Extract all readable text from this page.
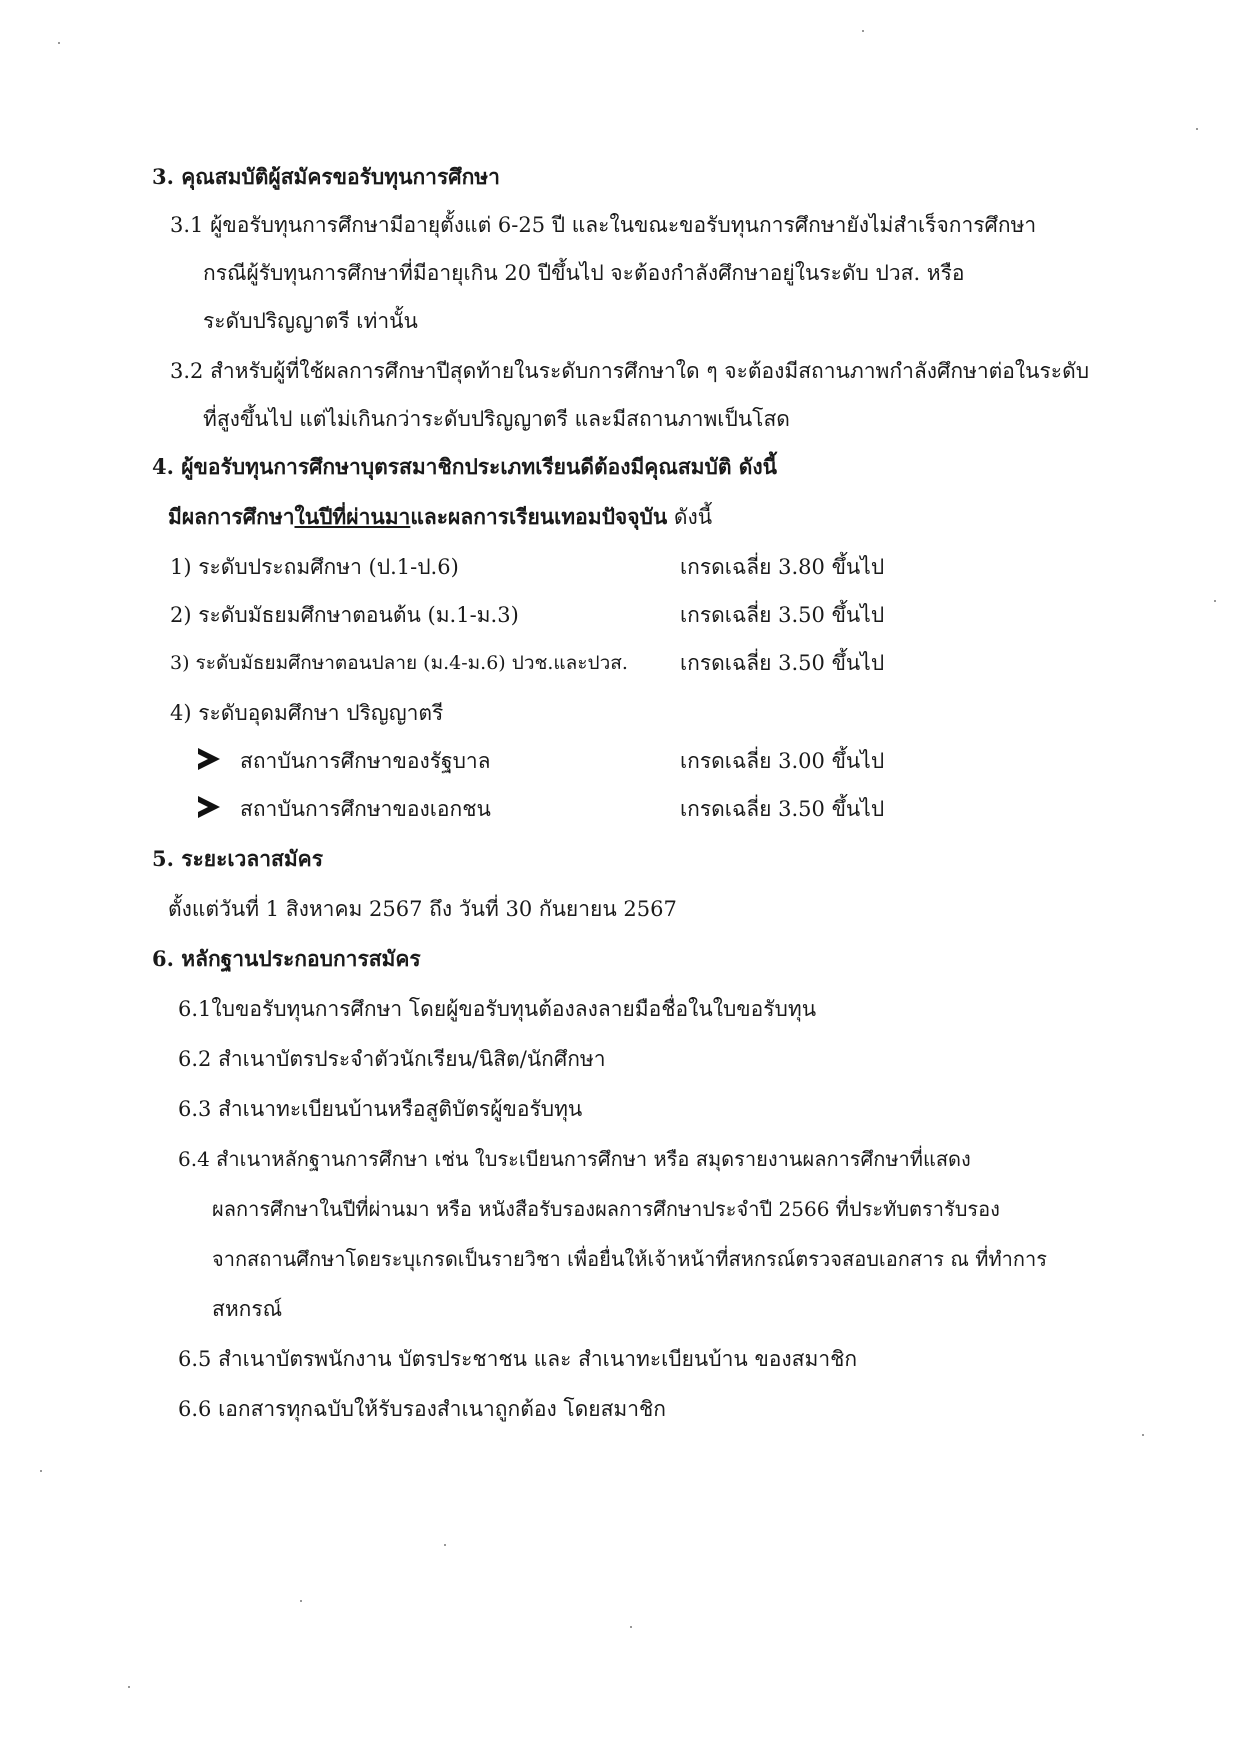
3. คุณสมบัติผู้สมัครขอรับทุนการศึกษา
3.1 ผู้ขอรับทุนการศึกษามีอายุตั้งแต่ 6-25 ปี และในขณะขอรับทุนการศึกษายังไม่สำเร็จการศึกษา
กรณีผู้รับทุนการศึกษาที่มีอายุเกิน 20 ปีขึ้นไป จะต้องกำลังศึกษาอยู่ในระดับ ปวส. หรือ
ระดับปริญญาตรี เท่านั้น
3.2 สำหรับผู้ที่ใช้ผลการศึกษาปีสุดท้ายในระดับการศึกษาใด ๆ จะต้องมีสถานภาพกำลังศึกษาต่อในระดับ
ที่สูงขึ้นไป แต่ไม่เกินกว่าระดับปริญญาตรี และมีสถานภาพเป็นโสด
4. ผู้ขอรับทุนการศึกษาบุตรสมาชิกประเภทเรียนดีต้องมีคุณสมบัติ ดังนี้
มีผลการศึกษาในปีที่ผ่านมาและผลการเรียนเทอมปัจจุบัน ดังนี้
1) ระดับประถมศึกษา (ป.1-ป.6)	เกรดเฉลี่ย 3.80 ขึ้นไป
2) ระดับมัธยมศึกษาตอนต้น (ม.1-ม.3)	เกรดเฉลี่ย 3.50 ขึ้นไป
3) ระดับมัธยมศึกษาตอนปลาย (ม.4-ม.6) ปวช.และปวส. เกรดเฉลี่ย 3.50 ขึ้นไป
4) ระดับอุดมศึกษา ปริญญาตรี
สถาบันการศึกษาของรัฐบาล	เกรดเฉลี่ย 3.00 ขึ้นไป
สถาบันการศึกษาของเอกชน	เกรดเฉลี่ย 3.50 ขึ้นไป
5. ระยะเวลาสมัคร
ตั้งแต่วันที่ 1 สิงหาคม 2567 ถึง วันที่ 30 กันยายน 2567
6. หลักฐานประกอบการสมัคร
6.1ใบขอรับทุนการศึกษา โดยผู้ขอรับทุนต้องลงลายมือชื่อในใบขอรับทุน
6.2 สำเนาบัตรประจำตัวนักเรียน/นิสิต/นักศึกษา
6.3 สำเนาทะเบียนบ้านหรือสูติบัตรผู้ขอรับทุน
6.4 สำเนาหลักฐานการศึกษา เช่น ใบระเบียนการศึกษา หรือ สมุดรายงานผลการศึกษาที่แสดง
ผลการศึกษาในปีที่ผ่านมา หรือ หนังสือรับรองผลการศึกษาประจำปี 2566 ที่ประทับตรารับรอง
จากสถานศึกษาโดยระบุเกรดเป็นรายวิชา เพื่อยื่นให้เจ้าหน้าที่สหกรณ์ตรวจสอบเอกสาร ณ ที่ทำการ
สหกรณ์
6.5 สำเนาบัตรพนักงาน บัตรประชาชน และ สำเนาทะเบียนบ้าน ของสมาชิก
6.6 เอกสารทุกฉบับให้รับรองสำเนาถูกต้อง โดยสมาชิก
